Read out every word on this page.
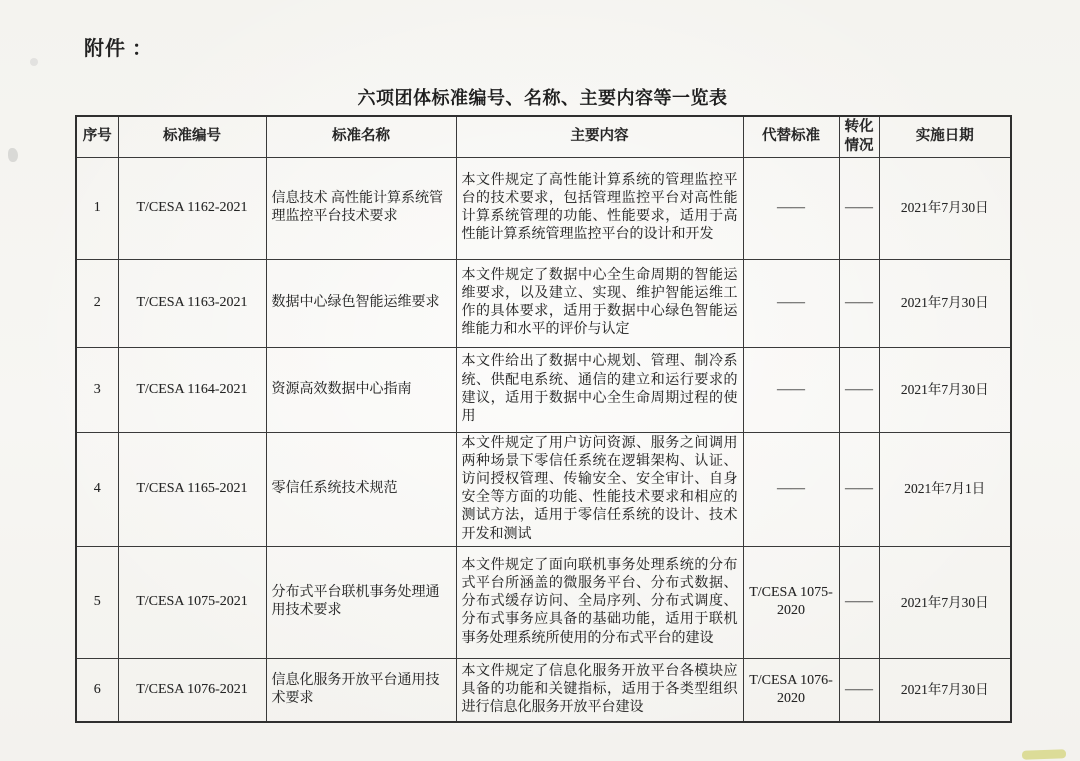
附件 ：
六项团体标准编号、名称、主要内容等一览表
序号	标准编号	标准名称	主要内容	代替标准	转化情况	实施日期
1	T/CESA 1162-2021	信息技术 高性能计算系统管理监控平台技术要求	本文件规定了高性能计算系统的管理监控平台的技术要求，包括管理监控平台对高性能计算系统管理的功能、性能要求，适用于高性能计算系统管理监控平台的设计和开发	——	——	2021年7月30日
2	T/CESA 1163-2021	数据中心绿色智能运维要求	本文件规定了数据中心全生命周期的智能运维要求，以及建立、实现、维护智能运维工作的具体要求，适用于数据中心绿色智能运维能力和水平的评价与认定	——	——	2021年7月30日
3	T/CESA 1164-2021	资源高效数据中心指南	本文件给出了数据中心规划、管理、制冷系统、供配电系统、通信的建立和运行要求的建议，适用于数据中心全生命周期过程的使用	——	——	2021年7月30日
4	T/CESA 1165-2021	零信任系统技术规范	本文件规定了用户访问资源、服务之间调用两种场景下零信任系统在逻辑架构、认证、访问授权管理、传输安全、安全审计、自身安全等方面的功能、性能技术要求和相应的测试方法，适用于零信任系统的设计、技术开发和测试	——	——	2021年7月1日
5	T/CESA 1075-2021	分布式平台联机事务处理通用技术要求	本文件规定了面向联机事务处理系统的分布式平台所涵盖的微服务平台、分布式数据、分布式缓存访问、全局序列、分布式调度、分布式事务应具备的基础功能，适用于联机事务处理系统所使用的分布式平台的建设	T/CESA 1075-2020	——	2021年7月30日
6	T/CESA 1076-2021	信息化服务开放平台通用技术要求	本文件规定了信息化服务开放平台各模块应具备的功能和关键指标，适用于各类型组织进行信息化服务开放平台建设	T/CESA 1076-2020	——	2021年7月30日
